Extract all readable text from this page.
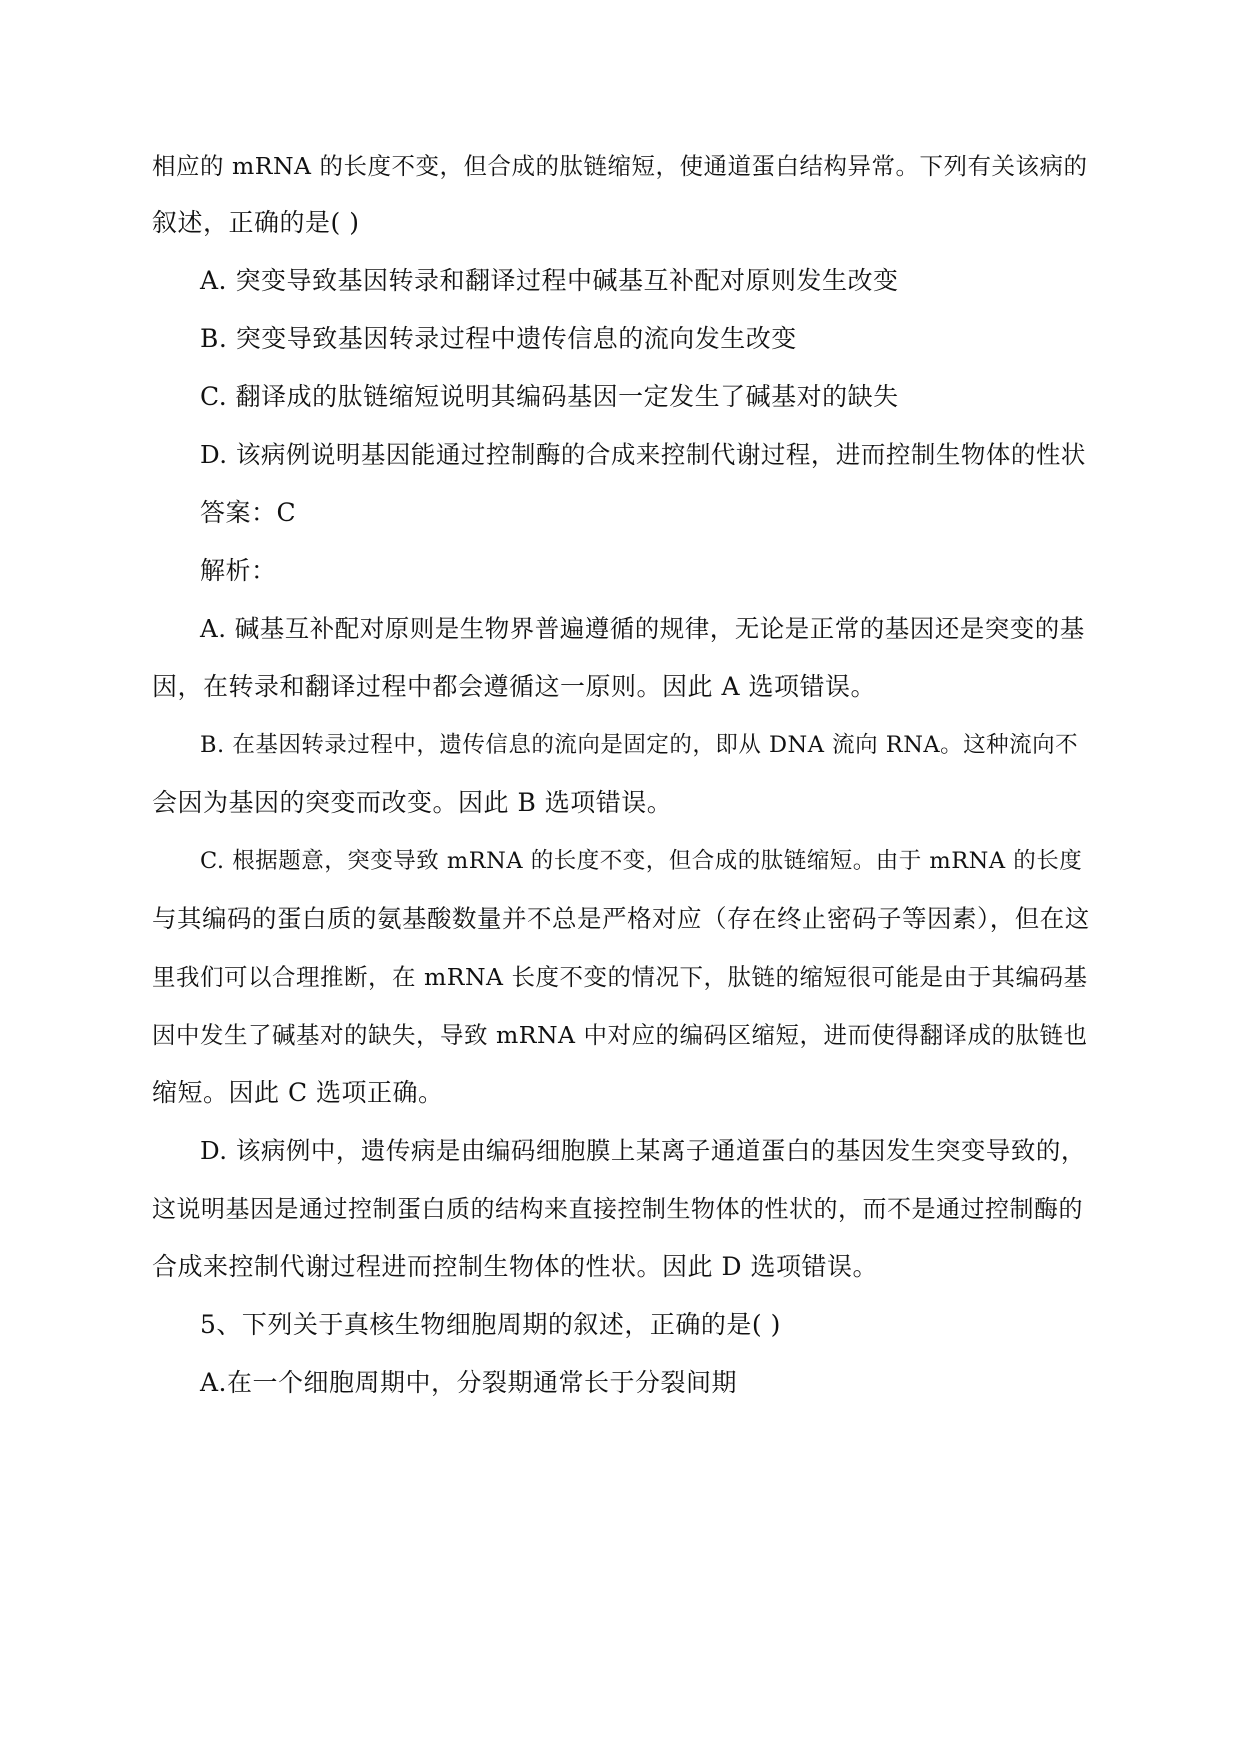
相应的 mRNA 的长度不变，但合成的肽链缩短，使通道蛋白结构异常。下列有关该病的
叙述，正确的是( )
A. 突变导致基因转录和翻译过程中碱基互补配对原则发生改变
B. 突变导致基因转录过程中遗传信息的流向发生改变
C. 翻译成的肽链缩短说明其编码基因一定发生了碱基对的缺失
D. 该病例说明基因能通过控制酶的合成来控制代谢过程，进而控制生物体的性状
答案：C
解析：
A. 碱基互补配对原则是生物界普遍遵循的规律，无论是正常的基因还是突变的基
因，在转录和翻译过程中都会遵循这一原则。因此 A 选项错误。
B. 在基因转录过程中，遗传信息的流向是固定的，即从 DNA 流向 RNA。这种流向不
会因为基因的突变而改变。因此 B 选项错误。
C. 根据题意，突变导致 mRNA 的长度不变，但合成的肽链缩短。由于 mRNA 的长度
与其编码的蛋白质的氨基酸数量并不总是严格对应（存在终止密码子等因素），但在这
里我们可以合理推断，在 mRNA 长度不变的情况下，肽链的缩短很可能是由于其编码基
因中发生了碱基对的缺失，导致 mRNA 中对应的编码区缩短，进而使得翻译成的肽链也
缩短。因此 C 选项正确。
D. 该病例中，遗传病是由编码细胞膜上某离子通道蛋白的基因发生突变导致的，
这说明基因是通过控制蛋白质的结构来直接控制生物体的性状的，而不是通过控制酶的
合成来控制代谢过程进而控制生物体的性状。因此 D 选项错误。
5、下列关于真核生物细胞周期的叙述，正确的是( )
A.在一个细胞周期中，分裂期通常长于分裂间期
